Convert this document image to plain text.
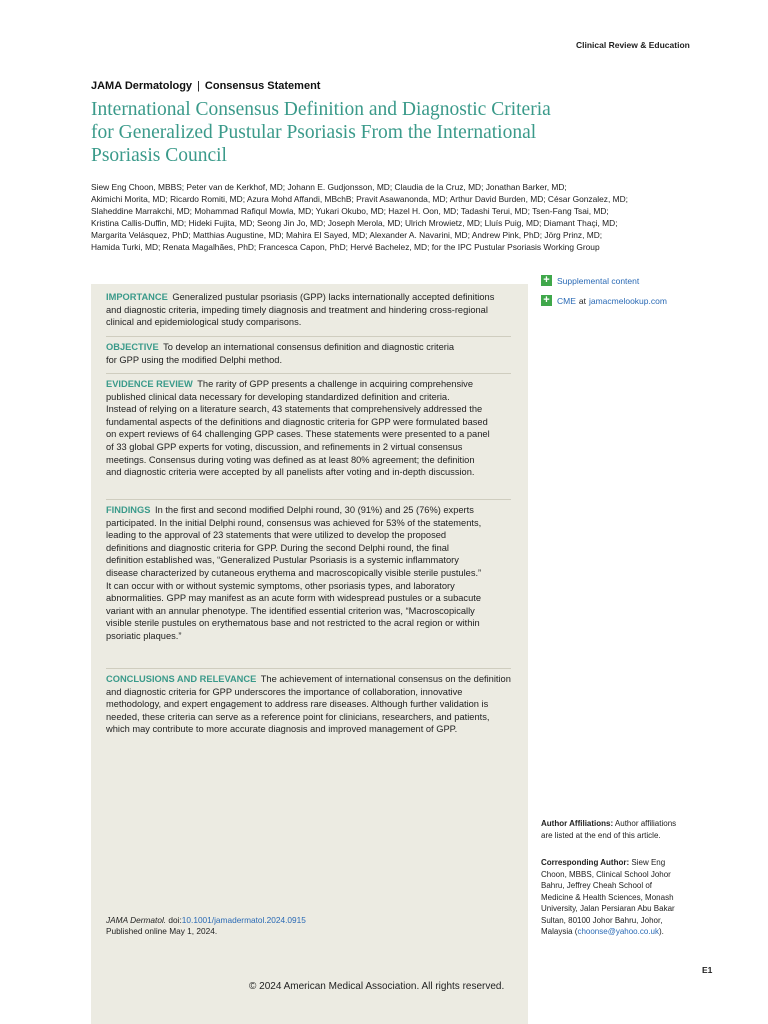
Clinical Review & Education
JAMA Dermatology | Consensus Statement
International Consensus Definition and Diagnostic Criteria
for Generalized Pustular Psoriasis From the International
Psoriasis Council
Siew Eng Choon, MBBS; Peter van de Kerkhof, MD; Johann E. Gudjonsson, MD; Claudia de la Cruz, MD; Jonathan Barker, MD;
Akimichi Morita, MD; Ricardo Romiti, MD; Azura Mohd Affandi, MBchB; Pravit Asawanonda, MD; Arthur David Burden, MD; César Gonzalez, MD;
Slaheddine Marrakchi, MD; Mohammad Rafiqul Mowla, MD; Yukari Okubo, MD; Hazel H. Oon, MD; Tadashi Terui, MD; Tsen-Fang Tsai, MD;
Kristina Callis-Duffin, MD; Hideki Fujita, MD; Seong Jin Jo, MD; Joseph Merola, MD; Ulrich Mrowietz, MD; Lluís Puig, MD; Diamant Thaçi, MD;
Margarita Velásquez, PhD; Matthias Augustine, MD; Mahira El Sayed, MD; Alexander A. Navarini, MD; Andrew Pink, PhD; Jörg Prinz, MD;
Hamida Turki, MD; Renata Magalhães, PhD; Francesca Capon, PhD; Hervé Bachelez, MD; for the IPC Pustular Psoriasis Working Group
IMPORTANCE Generalized pustular psoriasis (GPP) lacks internationally accepted definitions
and diagnostic criteria, impeding timely diagnosis and treatment and hindering cross-regional
clinical and epidemiological study comparisons.
OBJECTIVE To develop an international consensus definition and diagnostic criteria
for GPP using the modified Delphi method.
EVIDENCE REVIEW The rarity of GPP presents a challenge in acquiring comprehensive
published clinical data necessary for developing standardized definition and criteria.
Instead of relying on a literature search, 43 statements that comprehensively addressed the
fundamental aspects of the definitions and diagnostic criteria for GPP were formulated based
on expert reviews of 64 challenging GPP cases. These statements were presented to a panel
of 33 global GPP experts for voting, discussion, and refinements in 2 virtual consensus
meetings. Consensus during voting was defined as at least 80% agreement; the definition
and diagnostic criteria were accepted by all panelists after voting and in-depth discussion.
FINDINGS In the first and second modified Delphi round, 30 (91%) and 25 (76%) experts
participated. In the initial Delphi round, consensus was achieved for 53% of the statements,
leading to the approval of 23 statements that were utilized to develop the proposed
definitions and diagnostic criteria for GPP. During the second Delphi round, the final
definition established was, “Generalized Pustular Psoriasis is a systemic inflammatory
disease characterized by cutaneous erythema and macroscopically visible sterile pustules.”
It can occur with or without systemic symptoms, other psoriasis types, and laboratory
abnormalities. GPP may manifest as an acute form with widespread pustules or a subacute
variant with an annular phenotype. The identified essential criterion was, “Macroscopically
visible sterile pustules on erythematous base and not restricted to the acral region or within
psoriatic plaques.”
CONCLUSIONS AND RELEVANCE The achievement of international consensus on the definition
and diagnostic criteria for GPP underscores the importance of collaboration, innovative
methodology, and expert engagement to address rare diseases. Although further validation is
needed, these criteria can serve as a reference point for clinicians, researchers, and patients,
which may contribute to more accurate diagnosis and improved management of GPP.
JAMA Dermatol. doi:10.1001/jamadermatol.2024.0915
Published online May 1, 2024.
+ Supplemental content
+ CME at jamacmelookup.com
Author Affiliations: Author affiliations are listed at the end of this article.
Corresponding Author: Siew Eng Choon, MBBS, Clinical School Johor Bahru, Jeffrey Cheah School of Medicine & Health Sciences, Monash University, Jalan Persiaran Abu Bakar Sultan, 80100 Johor Bahru, Johor, Malaysia (choonse@yahoo.co.uk).
E1
© 2024 American Medical Association. All rights reserved.
